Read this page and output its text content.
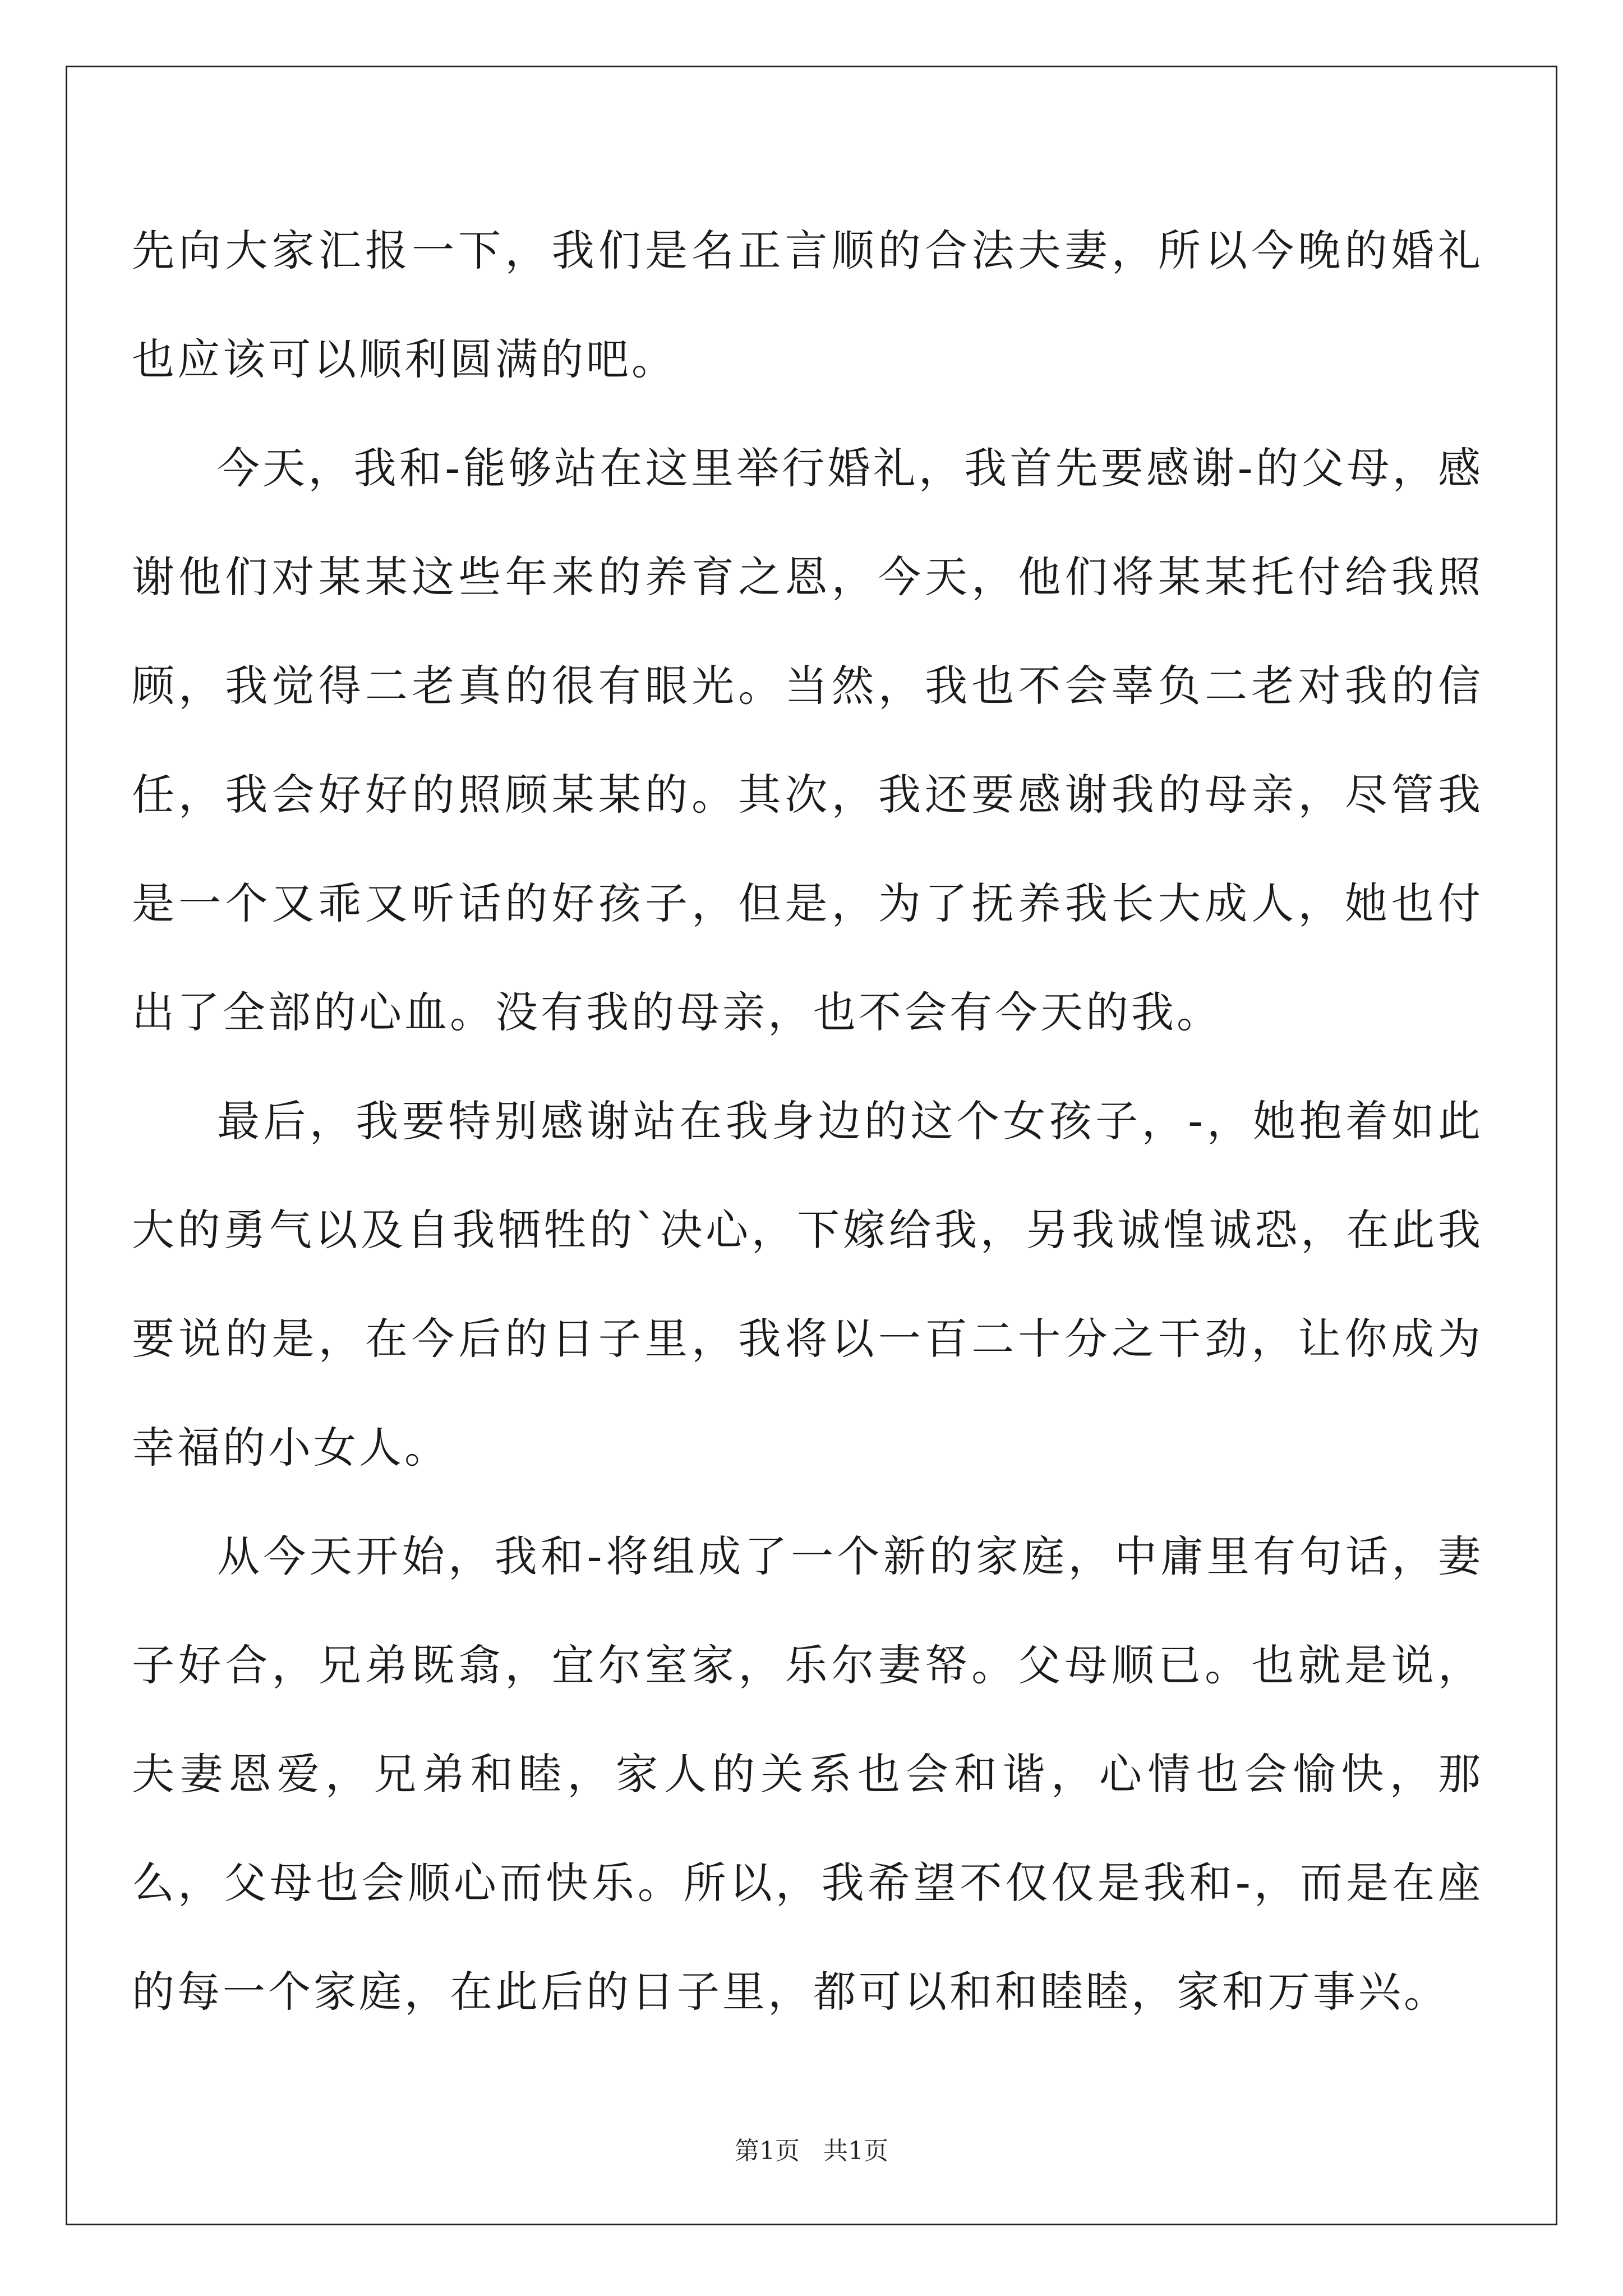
先向大家汇报一下，我们是名正言顺的合法夫妻，所以今晚的婚礼也应该可以顺利圆满的吧。

今天，我和-能够站在这里举行婚礼，我首先要感谢-的父母，感谢他们对某某这些年来的养育之恩，今天，他们将某某托付给我照顾，我觉得二老真的很有眼光。当然，我也不会辜负二老对我的信任，我会好好的照顾某某的。其次，我还要感谢我的母亲，尽管我是一个又乖又听话的好孩子，但是，为了抚养我长大成人，她也付出了全部的心血。没有我的母亲，也不会有今天的我。

最后，我要特别感谢站在我身边的这个女孩子，-，她抱着如此大的勇气以及自我牺牲的`决心，下嫁给我，另我诚惶诚恐，在此我要说的是，在今后的日子里，我将以一百二十分之干劲，让你成为幸福的小女人。

从今天开始，我和-将组成了一个新的家庭，中庸里有句话，妻子好合，兄弟既翕，宜尔室家，乐尔妻帑。父母顺已。也就是说，夫妻恩爱，兄弟和睦，家人的关系也会和谐，心情也会愉快，那么，父母也会顺心而快乐。所以，我希望不仅仅是我和-，而是在座的每一个家庭，在此后的日子里，都可以和和睦睦，家和万事兴。

第1页 共1页
